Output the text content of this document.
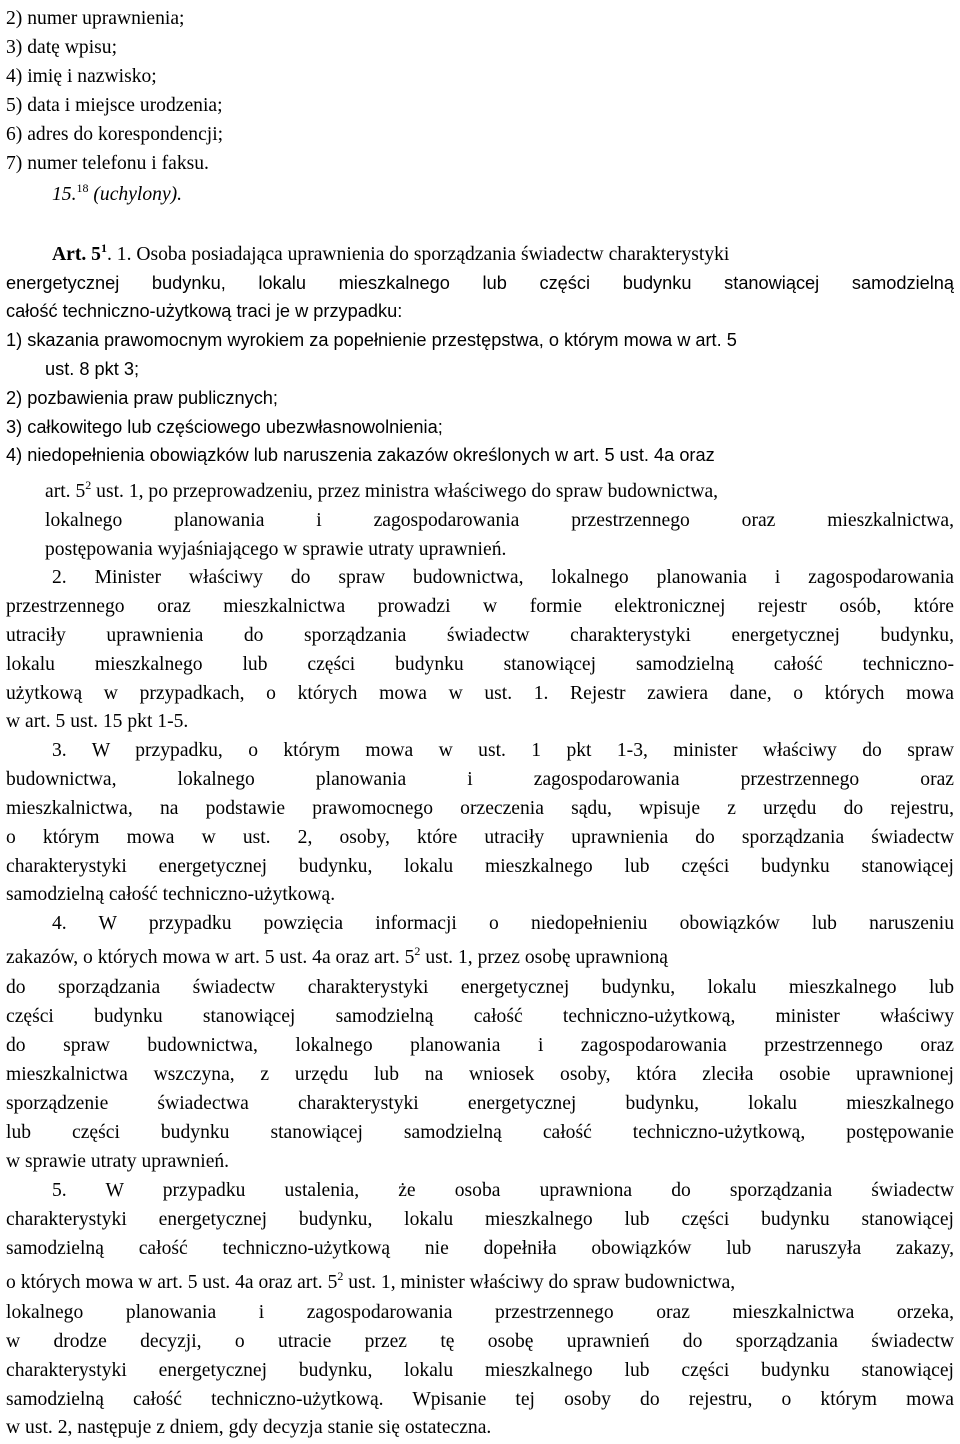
2) numer uprawnienia;

3) datę wpisu;

4) imię i nazwisko;

5) data i miejsce urodzenia;

6) adres do korespondencji;

7) numer telefonu i faksu.

15.18 (uchylony).

Art. $5^1$. 1. Osoba posiadająca uprawnienia do sporządzania świadectw charakterystyki

energetycznej budynku, lokalu mieszkalnego lub części budynku stanowiącej samodzielną

całość techniczno-użytkową traci je w przypadku:

1) skazania prawomocnym wyrokiem za popełnienie przestępstwa, o którym mowa w art. 5

ust. 8 pkt 3;

2) pozbawienia praw publicznych;

3) całkowitego lub częściowego ubezwłasnowolnienia;

4) niedopełnienia obowiązków lub naruszenia zakazów określonych w art. 5 ust. 4a oraz

art. $5^2$ ust. 1, po przeprowadzeniu, przez ministra właściwego do spraw budownictwa,

lokalnego planowania i zagospodarowania przestrzennego oraz mieszkalnictwa,

postępowania wyjaśniającego w sprawie utraty uprawnień.

2. Minister właściwy do spraw budownictwa, lokalnego planowania i zagospodarowania

przestrzennego oraz mieszkalnictwa prowadzi w formie elektronicznej rejestr osób, które

utraciły uprawnienia do sporządzania świadectw charakterystyki energetycznej budynku,

lokalu mieszkalnego lub części budynku stanowiącej samodzielną całość techniczno-

użytkową w przypadkach, o których mowa w ust. 1. Rejestr zawiera dane, o których mowa

w art. 5 ust. 15 pkt 1-5.

3. W przypadku, o którym mowa w ust. 1 pkt 1-3, minister właściwy do spraw

budownictwa, lokalnego planowania i zagospodarowania przestrzennego oraz

mieszkalnictwa, na podstawie prawomocnego orzeczenia sądu, wpisuje z urzędu do rejestru,

o którym mowa w ust. 2, osoby, które utraciły uprawnienia do sporządzania świadectw

charakterystyki energetycznej budynku, lokalu mieszkalnego lub części budynku stanowiącej

samodzielną całość techniczno-użytkową.

4. W przypadku powzięcia informacji o niedopełnieniu obowiązków lub naruszeniu

zakazów, o których mowa w art. 5 ust. 4a oraz art. $5^2$ ust. 1, przez osobę uprawnioną

do sporządzania świadectw charakterystyki energetycznej budynku, lokalu mieszkalnego lub

części budynku stanowiącej samodzielną całość techniczno-użytkową, minister właściwy

do spraw budownictwa, lokalnego planowania i zagospodarowania przestrzennego oraz

mieszkalnictwa wszczyna, z urzędu lub na wniosek osoby, która zleciła osobie uprawnionej

sporządzenie świadectwa charakterystyki energetycznej budynku, lokalu mieszkalnego

lub części budynku stanowiącej samodzielną całość techniczno-użytkową, postępowanie

w sprawie utraty uprawnień.

5. W przypadku ustalenia, że osoba uprawniona do sporządzania świadectw

charakterystyki energetycznej budynku, lokalu mieszkalnego lub części budynku stanowiącej

samodzielną całość techniczno-użytkową nie dopełniła obowiązków lub naruszyła zakazy,

o których mowa w art. 5 ust. 4a oraz art. $5^2$ ust. 1, minister właściwy do spraw budownictwa,

lokalnego planowania i zagospodarowania przestrzennego oraz mieszkalnictwa orzeka,

w drodze decyzji, o utracie przez tę osobę uprawnień do sporządzania świadectw

charakterystyki energetycznej budynku, lokalu mieszkalnego lub części budynku stanowiącej

samodzielną całość techniczno-użytkową. Wpisanie tej osoby do rejestru, o którym mowa

w ust. 2, następuje z dniem, gdy decyzja stanie się ostateczna.
